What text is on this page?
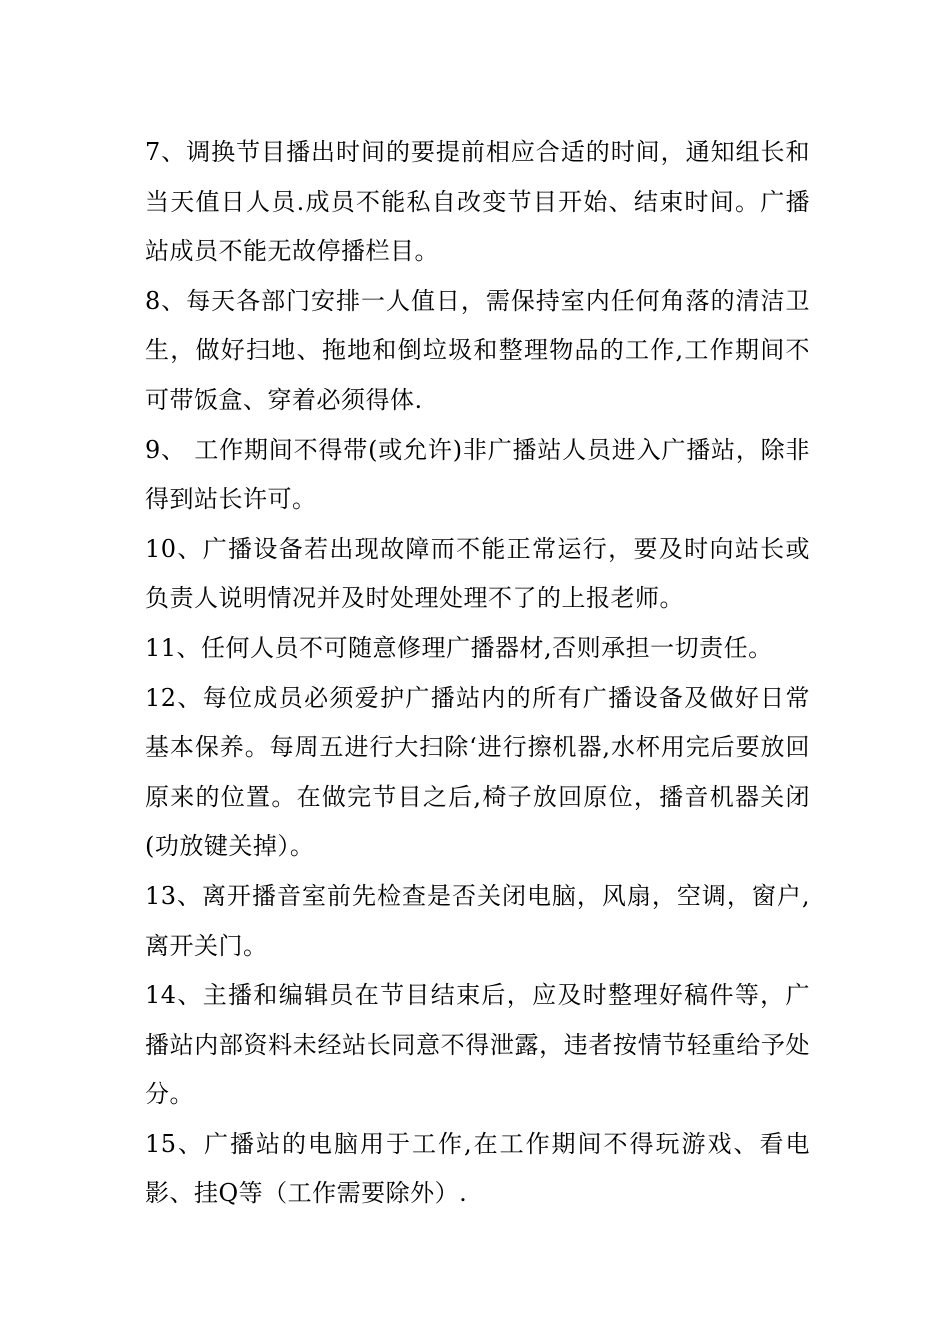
7、调换节目播出时间的要提前相应合适的时间，通知组长和当天值日人员.成员不能私自改变节目开始、结束时间。广播站成员不能无故停播栏目。

8、每天各部门安排一人值日，需保持室内任何角落的清洁卫生，做好扫地、拖地和倒垃圾和整理物品的工作,工作期间不可带饭盒、穿着必须得体.

9、 工作期间不得带(或允许)非广播站人员进入广播站，除非得到站长许可。

10、广播设备若出现故障而不能正常运行，要及时向站长或负责人说明情况并及时处理处理不了的上报老师。

11、任何人员不可随意修理广播器材,否则承担一切责任。

12、每位成员必须爱护广播站内的所有广播设备及做好日常基本保养。每周五进行大扫除‘进行擦机器,水杯用完后要放回原来的位置。在做完节目之后,椅子放回原位，播音机器关闭(功放键关掉）。

13、离开播音室前先检查是否关闭电脑，风扇，空调，窗户,离开关门。

14、主播和编辑员在节目结束后，应及时整理好稿件等，广播站内部资料未经站长同意不得泄露，违者按情节轻重给予处分。

15、广播站的电脑用于工作,在工作期间不得玩游戏、看电影、挂Q等（工作需要除外）.
